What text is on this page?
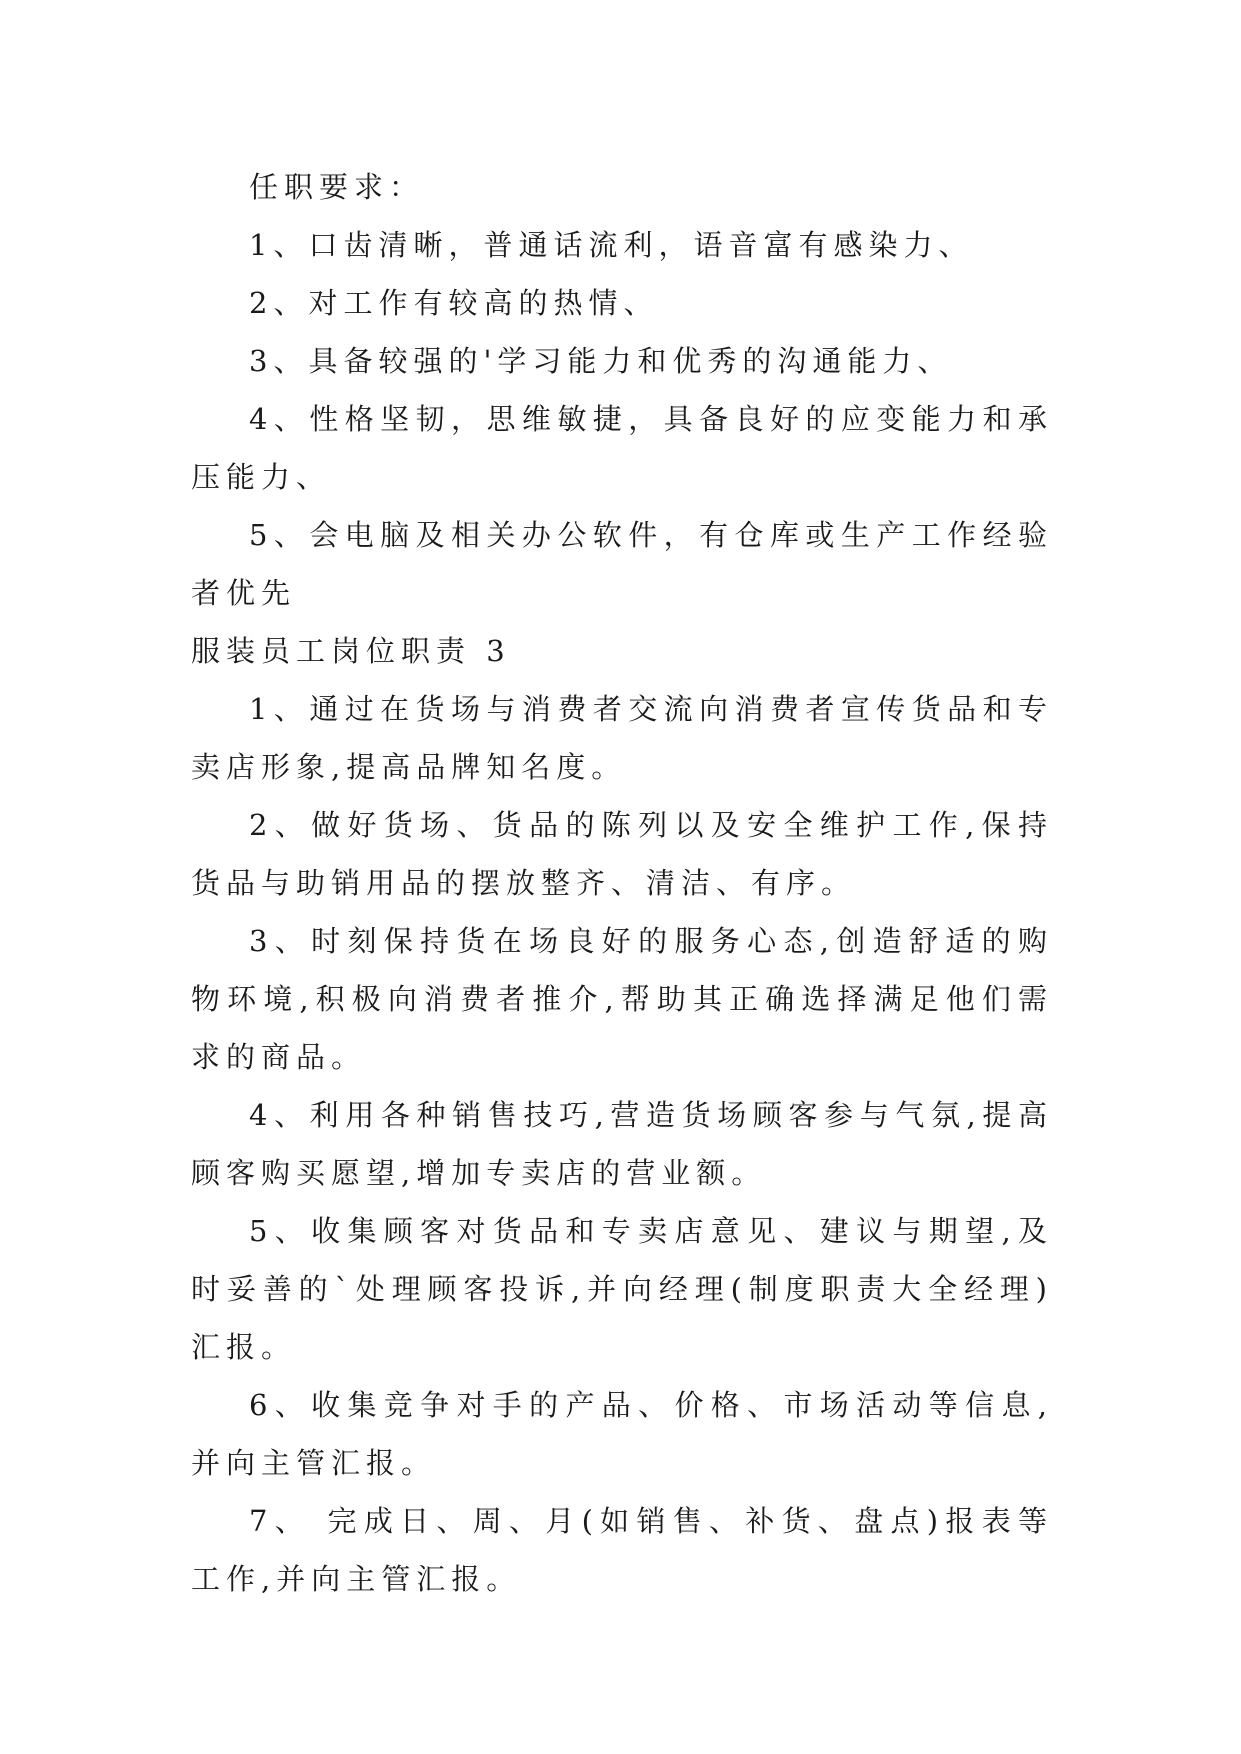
任职要求：

1、口齿清晰，普通话流利，语音富有感染力、

2、对工作有较高的热情、

3、具备较强的'学习能力和优秀的沟通能力、

4、性格坚韧，思维敏捷，具备良好的应变能力和承压能力、

5、会电脑及相关办公软件，有仓库或生产工作经验者优先

服装员工岗位职责 3

1、通过在货场与消费者交流向消费者宣传货品和专卖店形象,提高品牌知名度。

2、做好货场、货品的陈列以及安全维护工作,保持货品与助销用品的摆放整齐、清洁、有序。

3、时刻保持货在场良好的服务心态,创造舒适的购物环境,积极向消费者推介,帮助其正确选择满足他们需求的商品。

4、利用各种销售技巧,营造货场顾客参与气氛,提高顾客购买愿望,增加专卖店的营业额。

5、收集顾客对货品和专卖店意见、建议与期望,及时妥善的`处理顾客投诉,并向经理(制度职责大全经理)汇报。

6、收集竞争对手的产品、价格、市场活动等信息,并向主管汇报。

7、 完成日、周、月(如销售、补货、盘点)报表等工作,并向主管汇报。
